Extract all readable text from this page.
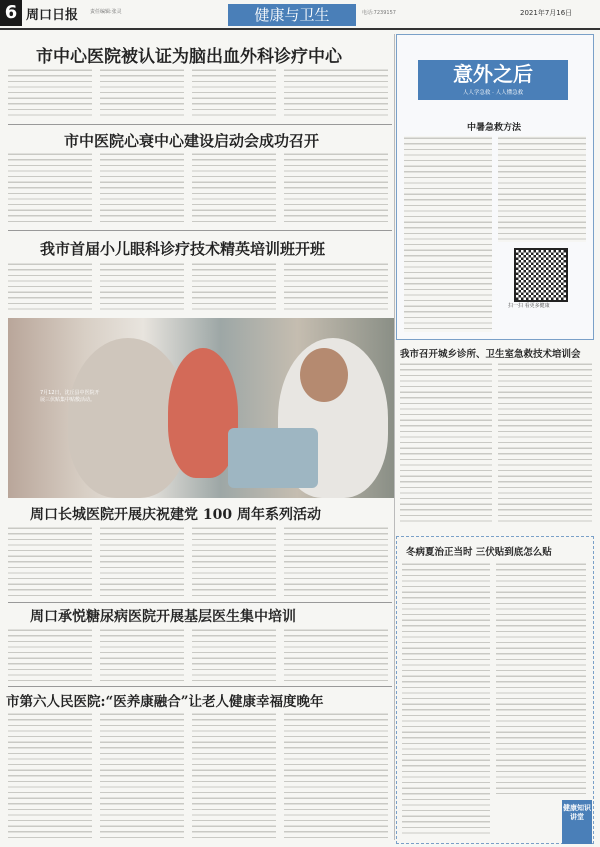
6 周口日报 责任编辑:张灵	健康与卫生	电话:7239157	2021年7月16日
市中心医院被认证为脑出血外科诊疗中心
市中医院心衰中心建设启动会成功召开
我市首届小儿眼科诊疗技术精英培训班开班
7月12日，沈丘县中医院开展三伏贴集中贴敷活动。
意外之后
人人学急救 · 人人懂急救
中暑急救方法
扫一扫 看更多健康
我市召开城乡诊所、卫生室急救技术培训会
周口长城医院开展庆祝建党 100 周年系列活动
周口承悦糖尿病医院开展基层医生集中培训
市第六人民医院:“医养康融合”让老人健康幸福度晚年
冬病夏治正当时 三伏贴到底怎么贴
健康知识讲堂
